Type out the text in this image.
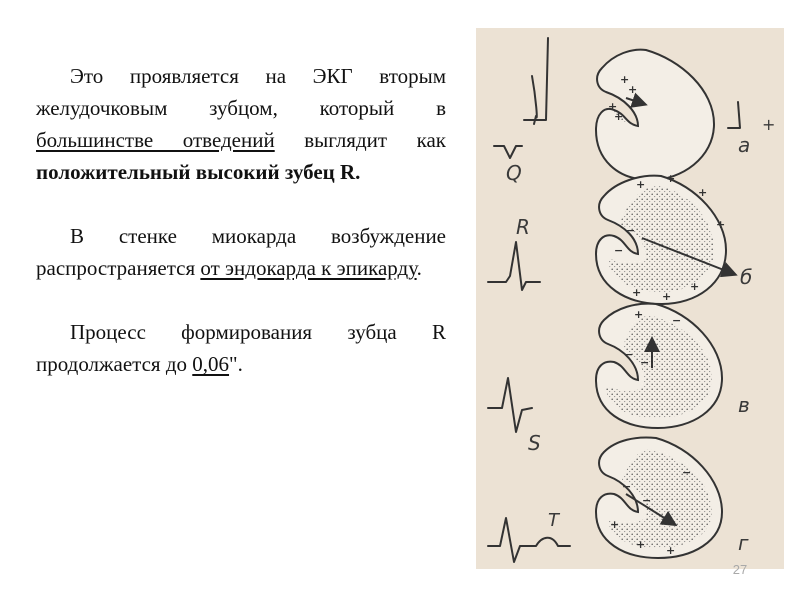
Это проявляется на ЭКГ вторым желудочковым зубцом, который в большинстве отведений выглядит как положительный высокий зубец R.

В стенке миокарда возбуждение распространяется от эндокарда к эпикарду.

Процесс формирования зубца R продолжается до 0,06".

+
+
+
+	+
а
Q
R
+ +
+
+
+ +
+
−
−
б
S
+
−
−
−
в
T	+
+ +
−
−
−
г
27
